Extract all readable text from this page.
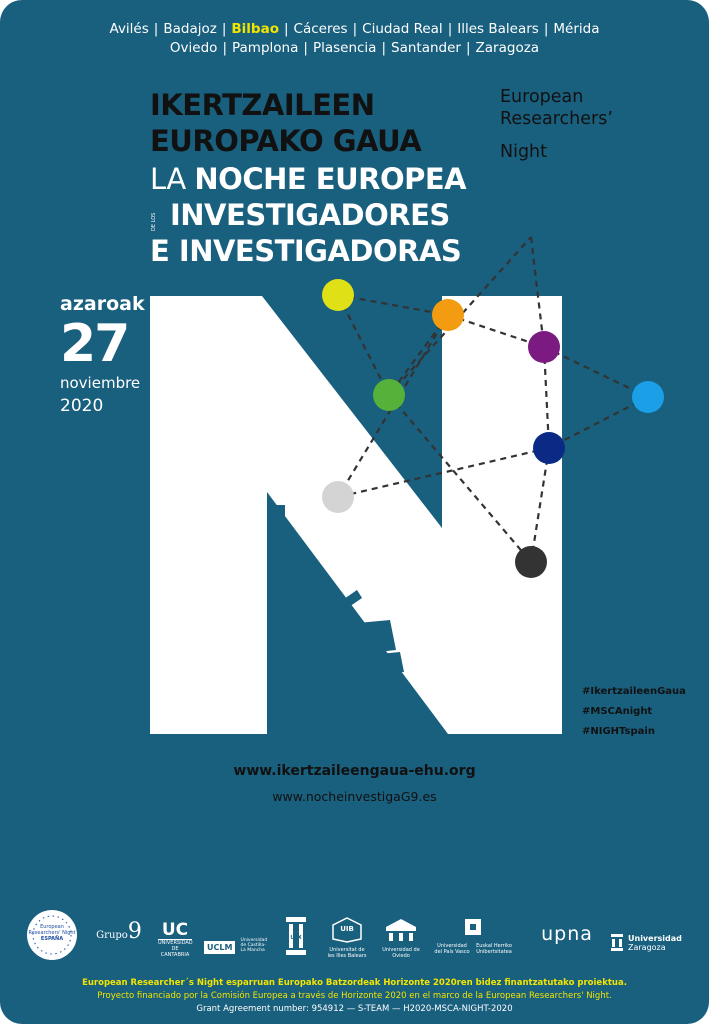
Avilés | Badajoz | Bilbao | Cáceres | Ciudad Real | Illes Balears | Mérida
Oviedo | Pamplona | Plasencia | Santander | Zaragoza
IKERTZAILEEN
EUROPAKO GAUA
LA NOCHE EUROPEA
DE LOS INVESTIGADORES
E INVESTIGADORAS
European
Researchers’
Night
azaroak
27
noviembre
2020
#IkertzaileenGaua
#MSCAnight
#NIGHTspain
www.ikertzaileengaua-ehu.org
www.nocheinvestigaG9.es
European
Researchers' Night
ESPAÑA	Grupo9 UC
UNIVERSIDAD DE CANTABRIA
UCLM Universidad de Castilla-La Mancha
UEX
UIB
Universitat de les Illes Balears
Universidad de Oviedo
Universidad del País Vasco
Euskal Herriko Unibertsitatea
upna	Universidad
Zaragoza
European Researcher´s Night esparruan Europako Batzordeak Horizonte 2020ren bidez finantzatutako proiektua.
Proyecto financiado por la Comisión Europea a través de Horizonte 2020 en el marco de la European Researchers' Night.
Grant Agreement number: 954912 — S-TEAM — H2020-MSCA-NIGHT-2020
